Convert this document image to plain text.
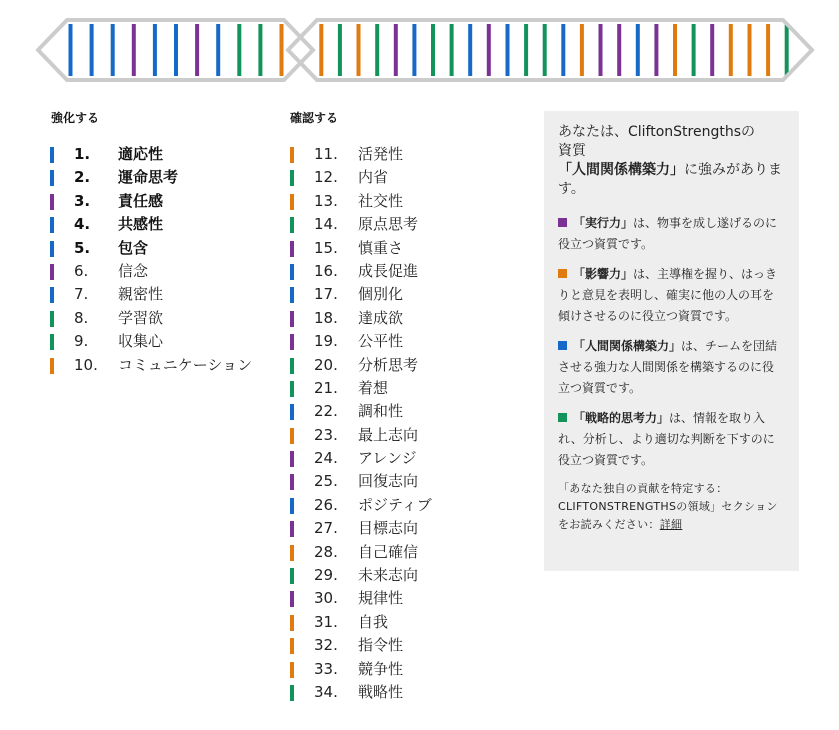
強化する	確認する
1. 適応性
2. 運命思考
3. 責任感
4. 共感性
5. 包含
6. 信念
7. 親密性
8. 学習欲
9. 収集心
10. コミュニケーション
11. 活発性
12. 内省
13. 社交性
14. 原点思考
15. 慎重さ
16. 成長促進
17. 個別化
18. 達成欲
19. 公平性
20. 分析思考
21. 着想
22. 調和性
23. 最上志向
24. アレンジ
25. 回復志向
26. ポジティブ
27. 目標志向
28. 自己確信
29. 未来志向
30. 規律性
31. 自我
32. 指令性
33. 競争性
34. 戦略性

あなたは、CliftonStrengthsの
資質
「人間関係構築力」に強みがあります。

「実行力」は、物事を成し遂げるのに役立つ資質です。

「影響力」は、主導権を握り、はっきりと意見を表明し、確実に他の人の耳を傾けさせるのに役立つ資質です。

「人間関係構築力」は、チームを団結させる強力な人間関係を構築するのに役立つ資質です。

「戦略的思考力」は、情報を取り入れ、分析し、より適切な判断を下すのに役立つ資質です。

「あなた独自の貢献を特定する：CLIFTONSTRENGTHSの領域」セクションをお読みください：詳細
